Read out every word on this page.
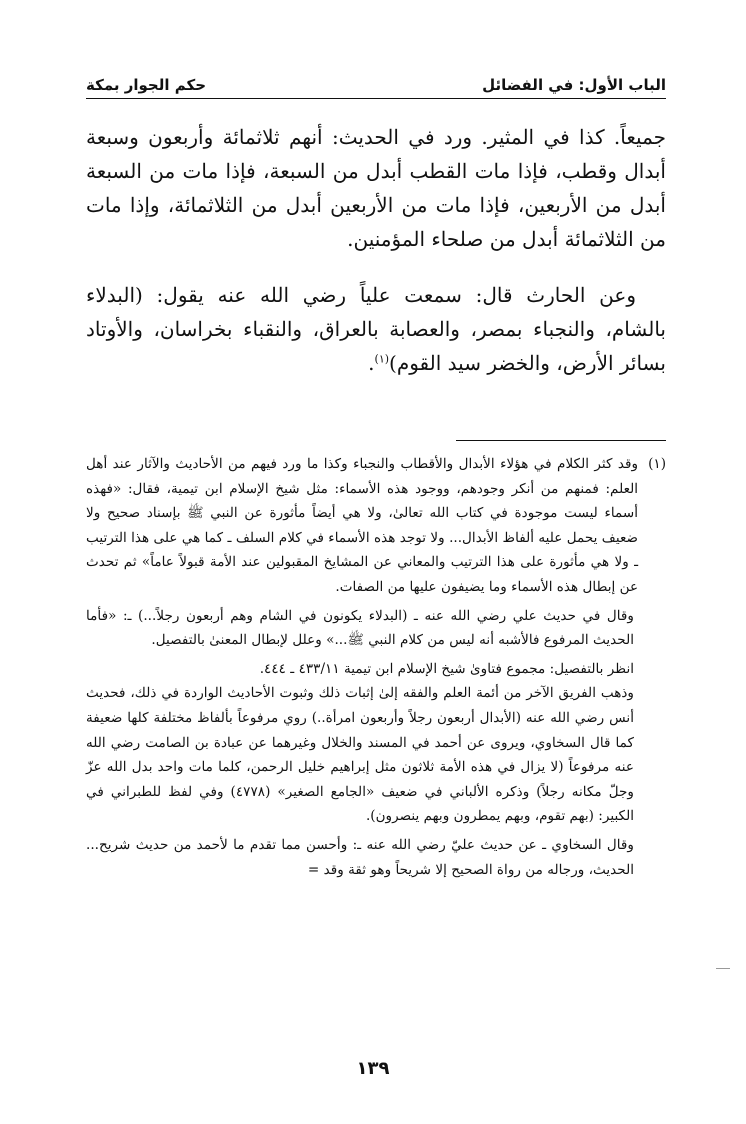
الباب الأول: في الفضائل
حكم الجوار بمكة

جميعاً. كذا في المثير. ورد في الحديث: أنهم ثلاثمائة وأربعون وسبعة أبدال وقطب، فإذا مات القطب أبدل من السبعة، فإذا مات من السبعة أبدل من الأربعين، فإذا مات من الأربعين أبدل من الثلاثمائة، وإذا مات من الثلاثمائة أبدل من صلحاء المؤمنين.

وعن الحارث قال: سمعت علياً رضي الله عنه يقول: (البدلاء بالشام، والنجباء بمصر، والعصابة بالعراق، والنقباء بخراسان، والأوتاد بسائر الأرض، والخضر سيد القوم)$^{(١)}$.

(١)

وقد كثر الكلام في هؤلاء الأبدال والأقطاب والنجباء وكذا ما ورد فيهم من الأحاديث والآثار عند أهل العلم: فمنهم من أنكر وجودهم، ووجود هذه الأسماء: مثل شيخ الإسلام ابن تيمية، فقال: «فهذه أسماء ليست موجودة في كتاب الله تعالىٰ، ولا هي أيضاً مأثورة عن النبي ﷺ بإسناد صحيح ولا ضعيف يحمل عليه ألفاظ الأبدال... ولا توجد هذه الأسماء في كلام السلف ـ كما هي على هذا الترتيب ـ ولا هي مأثورة على هذا الترتيب والمعاني عن المشايخ المقبولين عند الأمة قبولاً عاماً» ثم تحدث عن إبطال هذه الأسماء وما يضيفون عليها من الصفات.

وقال في حديث علي رضي الله عنه ـ (البدلاء يكونون في الشام وهم أربعون رجلاً...) ـ: «فأما الحديث المرفوع فالأشبه أنه ليس من كلام النبي ﷺ...» وعلل لإبطال المعنىٰ بالتفصيل.

انظر بالتفصيل: مجموع فتاوىٰ شيخ الإسلام ابن تيمية ٤٣٣/١١ ـ ٤٤٤.

وذهب الفريق الآخر من أئمة العلم والفقه إلىٰ إثبات ذلك وثبوت الأحاديث الواردة في ذلك، فحديث أنس رضي الله عنه (الأبدال أربعون رجلاً وأربعون امرأة..) روي مرفوعاً بألفاظ مختلفة كلها ضعيفة كما قال السخاوي، ويروى عن أحمد في المسند والخلال وغيرهما عن عبادة بن الصامت رضي الله عنه مرفوعاً (لا يزال في هذه الأمة ثلاثون مثل إبراهيم خليل الرحمن، كلما مات واحد بدل الله عزّ وجلّ مكانه رجلاً) وذكره الألباني في ضعيف «الجامع الصغير» (٤٧٧٨) وفي لفظ للطبراني في الكبير: (بهم تقوم، وبهم يمطرون وبهم ينصرون).

وقال السخاوي ـ عن حديث عليّ رضي الله عنه ـ: وأحسن مما تقدم ما لأحمد من حديث شريح... الحديث، ورجاله من رواة الصحيح إلا شريحاً وهو ثقة وقد =

١٣٩
